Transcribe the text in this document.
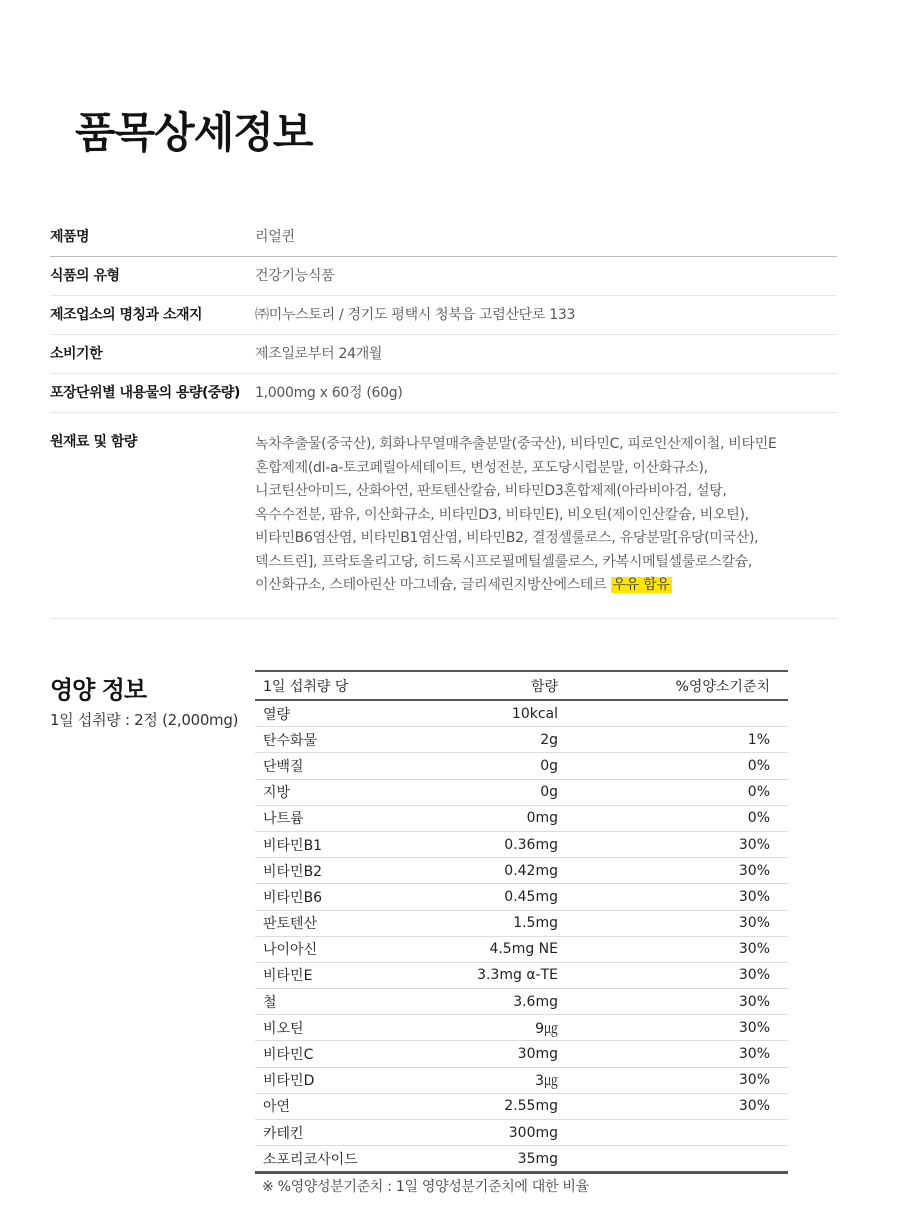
품목상세정보
제품명	리얼퀸
식품의 유형	건강기능식품
제조업소의 명칭과 소재지	㈜미누스토리 / 경기도 평택시 청북읍 고렴산단로 133
소비기한	제조일로부터 24개월
포장단위별 내용물의 용량(중량)	1,000mg x 60정 (60g)
원재료 및 함량	녹차추출물(중국산), 회화나무열매추출분말(중국산), 비타민C, 피로인산제이철, 비타민E
혼합제제(dl-a-토코페릴아세테이트, 변성전분, 포도당시럽분말, 이산화규소),
니코틴산아미드, 산화아연, 판토텐산칼슘, 비타민D3혼합제제(아라비아검, 설탕,
옥수수전분, 팜유, 이산화규소, 비타민D3, 비타민E), 비오틴(제이인산칼슘, 비오틴),
비타민B6염산염, 비타민B1염산염, 비타민B2, 결정셀룰로스, 유당분말[유당(미국산),
덱스트린], 프락토올리고당, 히드록시프로필메틸셀룰로스, 카복시메틸셀룰로스칼슘,
이산화규소, 스테아린산 마그네슘, 글리세린지방산에스테르 우유 함유
영양 정보
1일 섭취량 : 2정 (2,000mg)
1일 섭취량 당	함량	%영양소기준치
열량	10kcal
탄수화물	2g	1%
단백질	0g	0%
지방	0g	0%
나트륨	0mg	0%
비타민B1	0.36mg	30%
비타민B2	0.42mg	30%
비타민B6	0.45mg	30%
판토텐산	1.5mg	30%
나이아신	4.5mg NE	30%
비타민E	3.3mg α-TE	30%
철	3.6mg	30%
비오틴	9㎍	30%
비타민C	30mg	30%
비타민D	3㎍	30%
아연	2.55mg	30%
카테킨	300mg
소포리코사이드	35mg
※ %영양성분기준치 : 1일 영양성분기준치에 대한 비율
